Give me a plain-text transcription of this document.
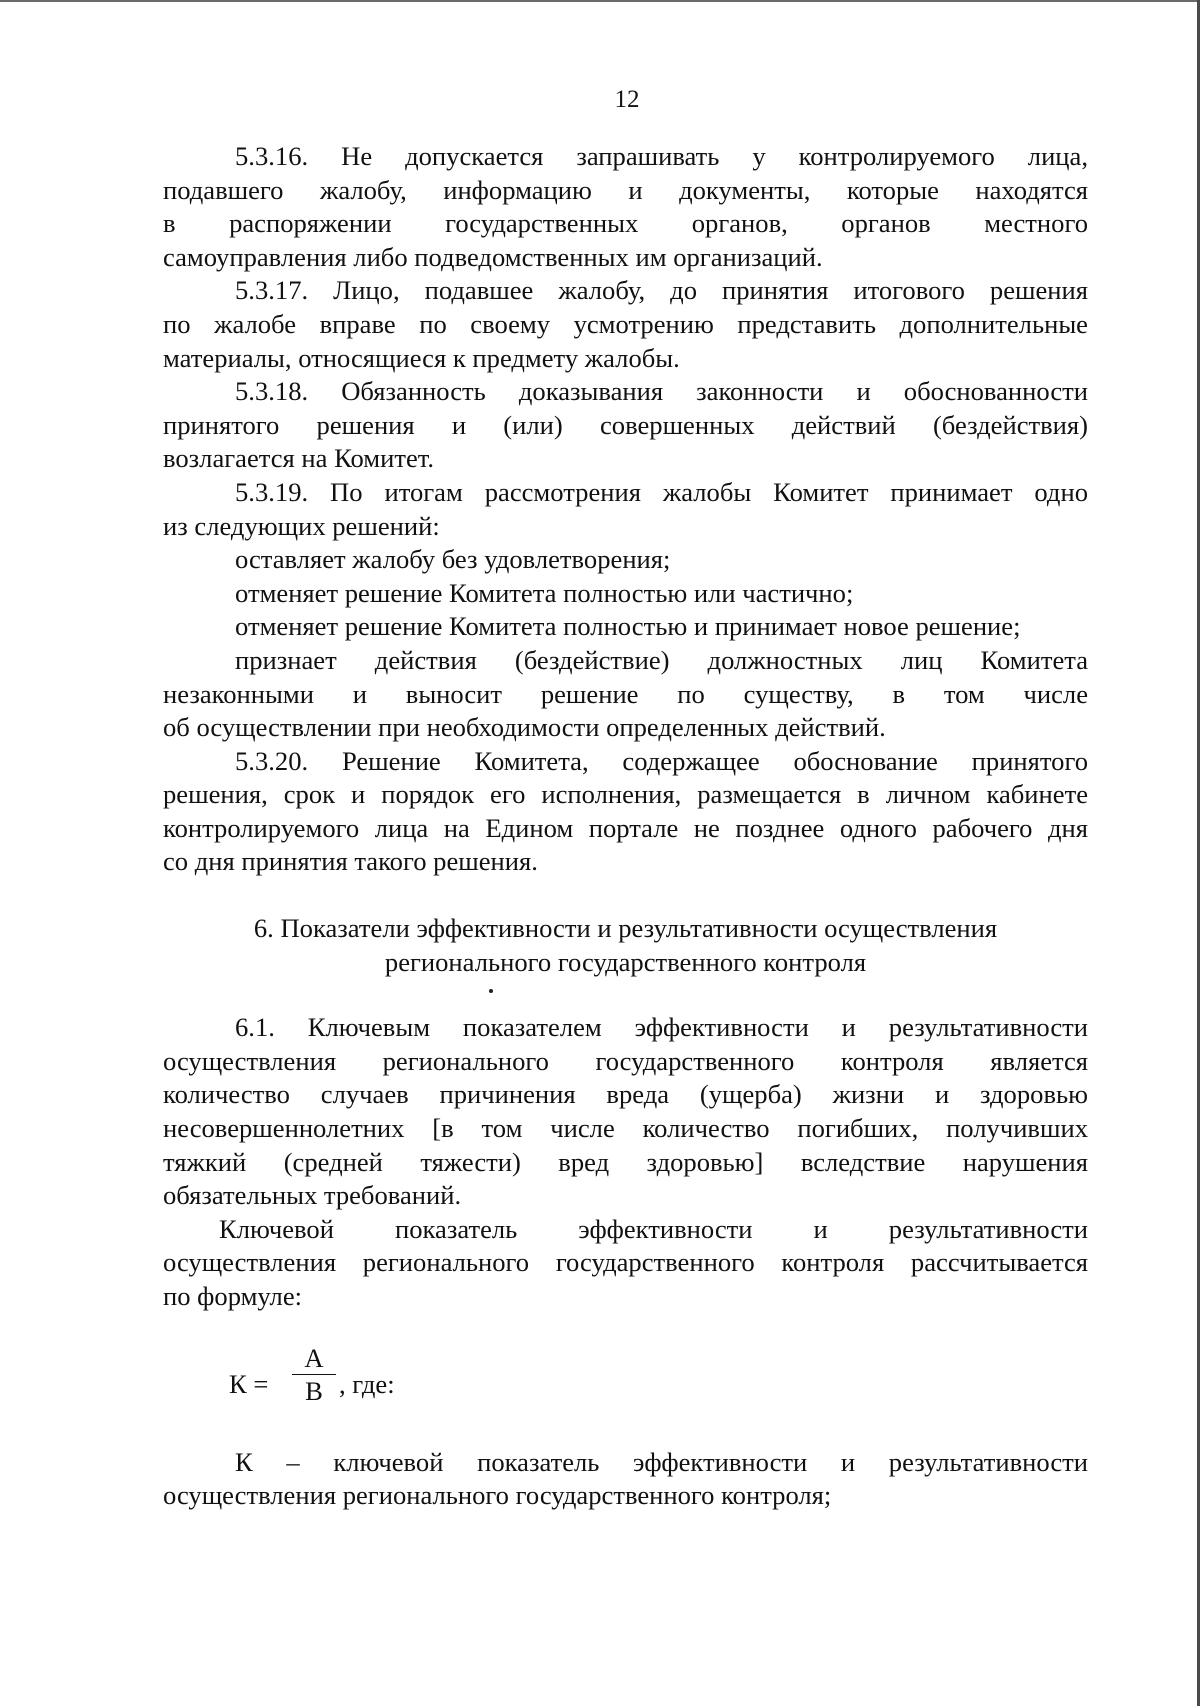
12
5.3.16. Не допускается запрашивать у контролируемого лица,
подавшего жалобу, информацию и документы, которые находятся
в распоряжении государственных органов, органов местного
самоуправления либо подведомственных им организаций.
5.3.17. Лицо, подавшее жалобу, до принятия итогового решения
по жалобе вправе по своему усмотрению представить дополнительные
материалы, относящиеся к предмету жалобы.
5.3.18. Обязанность доказывания законности и обоснованности
принятого решения и (или) совершенных действий (бездействия)
возлагается на Комитет.
5.3.19. По итогам рассмотрения жалобы Комитет принимает одно
из следующих решений:
оставляет жалобу без удовлетворения;
отменяет решение Комитета полностью или частично;
отменяет решение Комитета полностью и принимает новое решение;
признает действия (бездействие) должностных лиц Комитета
незаконными и выносит решение по существу, в том числе
об осуществлении при необходимости определенных действий.
5.3.20. Решение Комитета, содержащее обоснование принятого
решения, срок и порядок его исполнения, размещается в личном кабинете
контролируемого лица на Едином портале не позднее одного рабочего дня
со дня принятия такого решения.

6. Показатели эффективности и результативности осуществления

регионального государственного контроля

6.1. Ключевым показателем эффективности и результативности
осуществления регионального государственного контроля является
количество случаев причинения вреда (ущерба) жизни и здоровью
несовершеннолетних [в том числе количество погибших, получивших
тяжкий (средней тяжести) вред здоровью] вследствие нарушения
обязательных требований.
Ключевой показатель эффективности и результативности
осуществления регионального государственного контроля рассчитывается
по формуле:
К =
А
В , где:
К – ключевой показатель эффективности и результативности
осуществления регионального государственного контроля;
